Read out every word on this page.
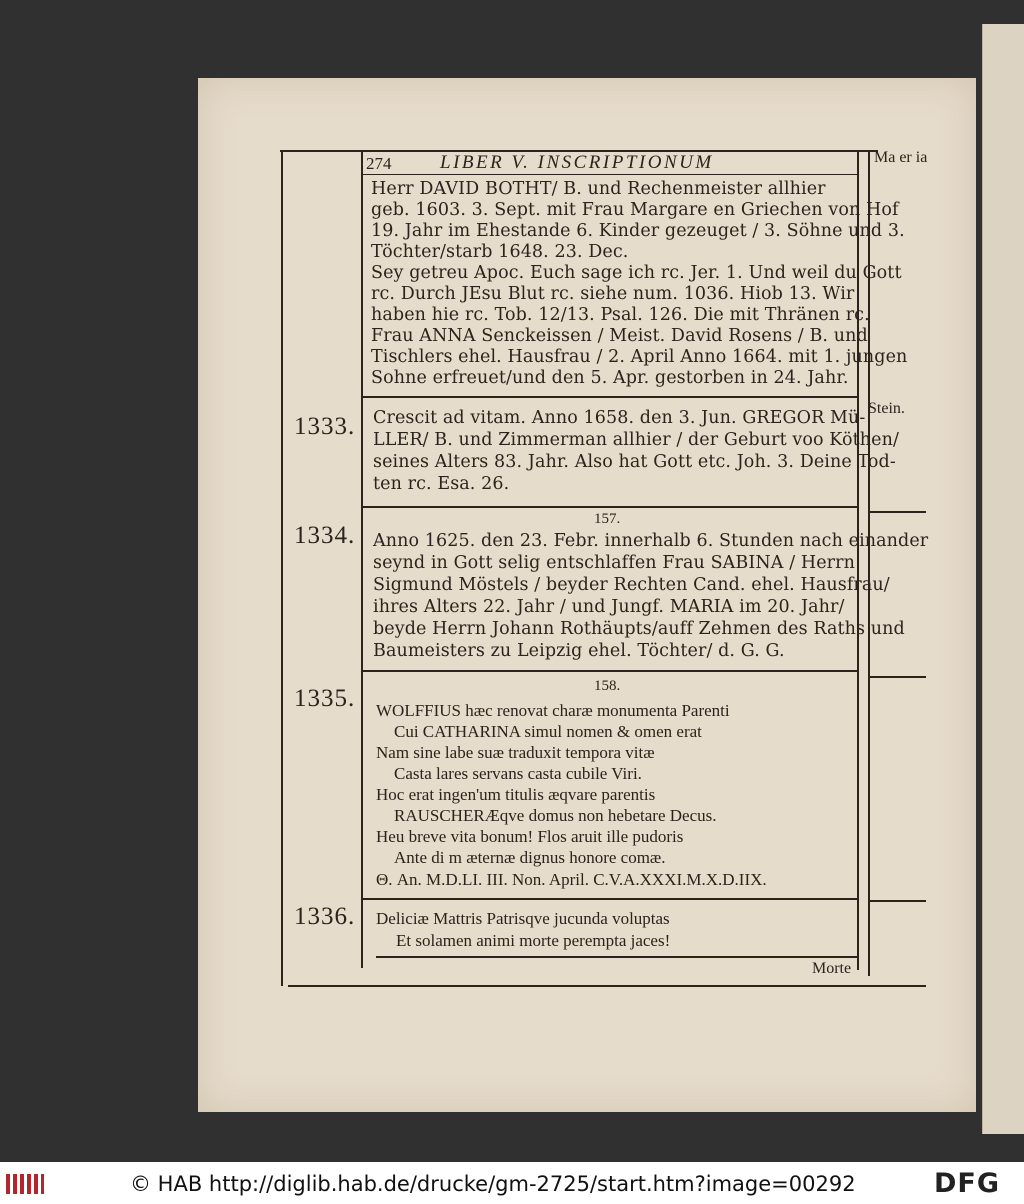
274	LIBER V. INSCRIPTIONUM	Ma er ia
Stein.
Herr DAVID BOTHT/ B. und Rechenmeister allhier
geb. 1603. 3. Sept. mit Frau Margare en Griechen von Hof
19. Jahr im Ehestande 6. Kinder gezeuget / 3. Söhne und 3.
Töchter/starb 1648. 23. Dec.
Sey getreu Apoc. Euch sage ich rc. Jer. 1. Und weil du Gott
rc. Durch JEsu Blut rc. siehe num. 1036. Hiob 13. Wir
haben hie rc. Tob. 12/13. Psal. 126. Die mit Thränen rc.
Frau ANNA Senckeissen / Meist. David Rosens / B. und
Tischlers ehel. Hausfrau / 2. April Anno 1664. mit 1. jungen
Sohne erfreuet/und den 5. Apr. gestorben in 24. Jahr.
1333. Crescit ad vitam. Anno 1658. den 3. Jun. GREGOR Mü-
LLER/ B. und Zimmerman allhier / der Geburt voo Köthen/
seines Alters 83. Jahr. Also hat Gott etc. Joh. 3. Deine Tod-
ten rc. Esa. 26.
1334.
157.
Anno 1625. den 23. Febr. innerhalb 6. Stunden nach einander
seynd in Gott selig entschlaffen Frau SABINA / Herrn
Sigmund Möstels / beyder Rechten Cand. ehel. Hausfrau/
ihres Alters 22. Jahr / und Jungf. MARIA im 20. Jahr/
beyde Herrn Johann Rothäupts/auff Zehmen des Raths und
Baumeisters zu Leipzig ehel. Töchter/ d. G. G.
1335.	158.
WOLFFIUS hæc renovat charæ monumenta Parenti
Cui CATHARINA simul nomen & omen erat
Nam sine labe suæ traduxit tempora vitæ
Casta lares servans casta cubile Viri.
Hoc erat ingen'um titulis æqvare parentis
RAUSCHERÆqve domus non hebetare Decus.
Heu breve vita bonum! Flos aruit ille pudoris
Ante di m æternæ dignus honore comæ.
Θ. An. M.D.LI. III. Non. April. C.V.A.XXXI.M.X.D.IIX.
1336. Deliciæ Mattris Patrisqve jucunda voluptas
Et solamen animi morte perempta jaces!
Morte
© HAB http://diglib.hab.de/drucke/gm-2725/start.htm?image=00292	DFG
